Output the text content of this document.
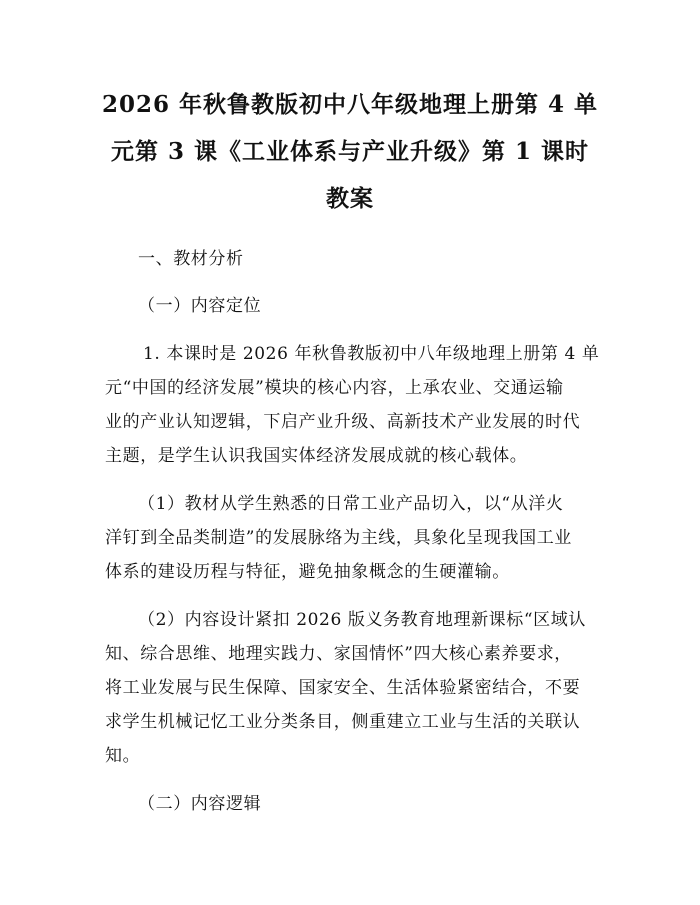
2026 年秋鲁教版初中八年级地理上册第 4 单
元第 3 课《工业体系与产业升级》第 1 课时
教案
一、教材分析
（一）内容定位
1. 本课时是 2026 年秋鲁教版初中八年级地理上册第 4 单
元“中国的经济发展”模块的核心内容，上承农业、交通运输
业的产业认知逻辑，下启产业升级、高新技术产业发展的时代
主题，是学生认识我国实体经济发展成就的核心载体。
（1）教材从学生熟悉的日常工业产品切入，以“从洋火
洋钉到全品类制造”的发展脉络为主线，具象化呈现我国工业
体系的建设历程与特征，避免抽象概念的生硬灌输。
（2）内容设计紧扣 2026 版义务教育地理新课标“区域认
知、综合思维、地理实践力、家国情怀”四大核心素养要求，
将工业发展与民生保障、国家安全、生活体验紧密结合，不要
求学生机械记忆工业分类条目，侧重建立工业与生活的关联认
知。
（二）内容逻辑
